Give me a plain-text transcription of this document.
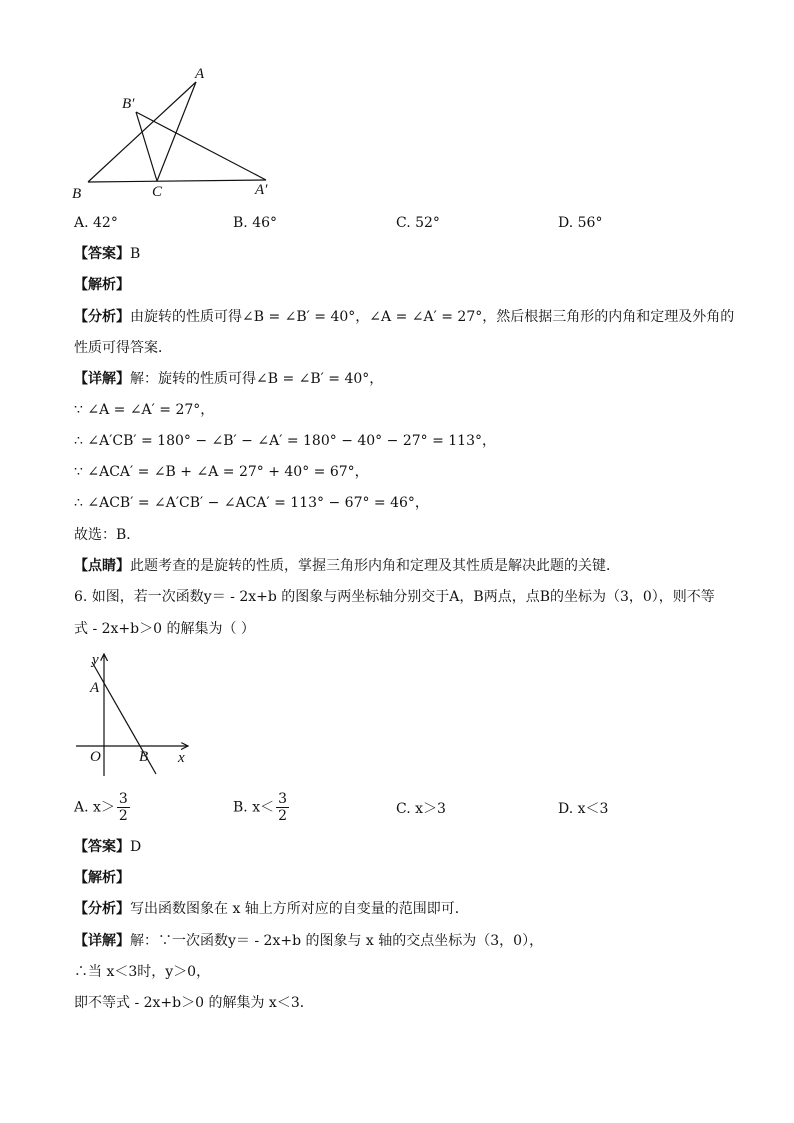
A
B′
B	C	A′
A. 42°	B. 46°	C. 52°	D. 56°
【答案】B
【解析】
【分析】由旋转的性质可得∠B = ∠B′ = 40°，∠A = ∠A′ = 27°，然后根据三角形的内角和定理及外角的
性质可得答案．
【详解】解：旋转的性质可得∠B = ∠B′ = 40°，
∵ ∠A = ∠A′ = 27°，
∴ ∠A′CB′ = 180° − ∠B′ − ∠A′ = 180° − 40° − 27° = 113°，
∵ ∠ACA′ = ∠B + ∠A = 27° + 40° = 67°，
∴ ∠ACB′ = ∠A′CB′ − ∠ACA′ = 113° − 67° = 46°，
故选：B．
【点睛】此题考查的是旋转的性质，掌握三角形内角和定理及其性质是解决此题的关键．
6. 如图，若一次函数y＝ - 2x+b 的图象与两坐标轴分别交于A，B两点，点B的坐标为（3，0），则不等
式 - 2x+b＞0 的解集为（ ）
y
A
O	B x
A. $x> \frac{3}{2}$	B. $x< \frac{3}{2}$	C. x＞3	D. x＜3
【答案】D
【解析】
【分析】写出函数图象在 x 轴上方所对应的自变量的范围即可．
【详解】解：∵一次函数y＝ - 2x+b 的图象与 x 轴的交点坐标为（3，0），
∴当 x＜3时，y＞0，
即不等式 - 2x+b＞0 的解集为 x＜3．
